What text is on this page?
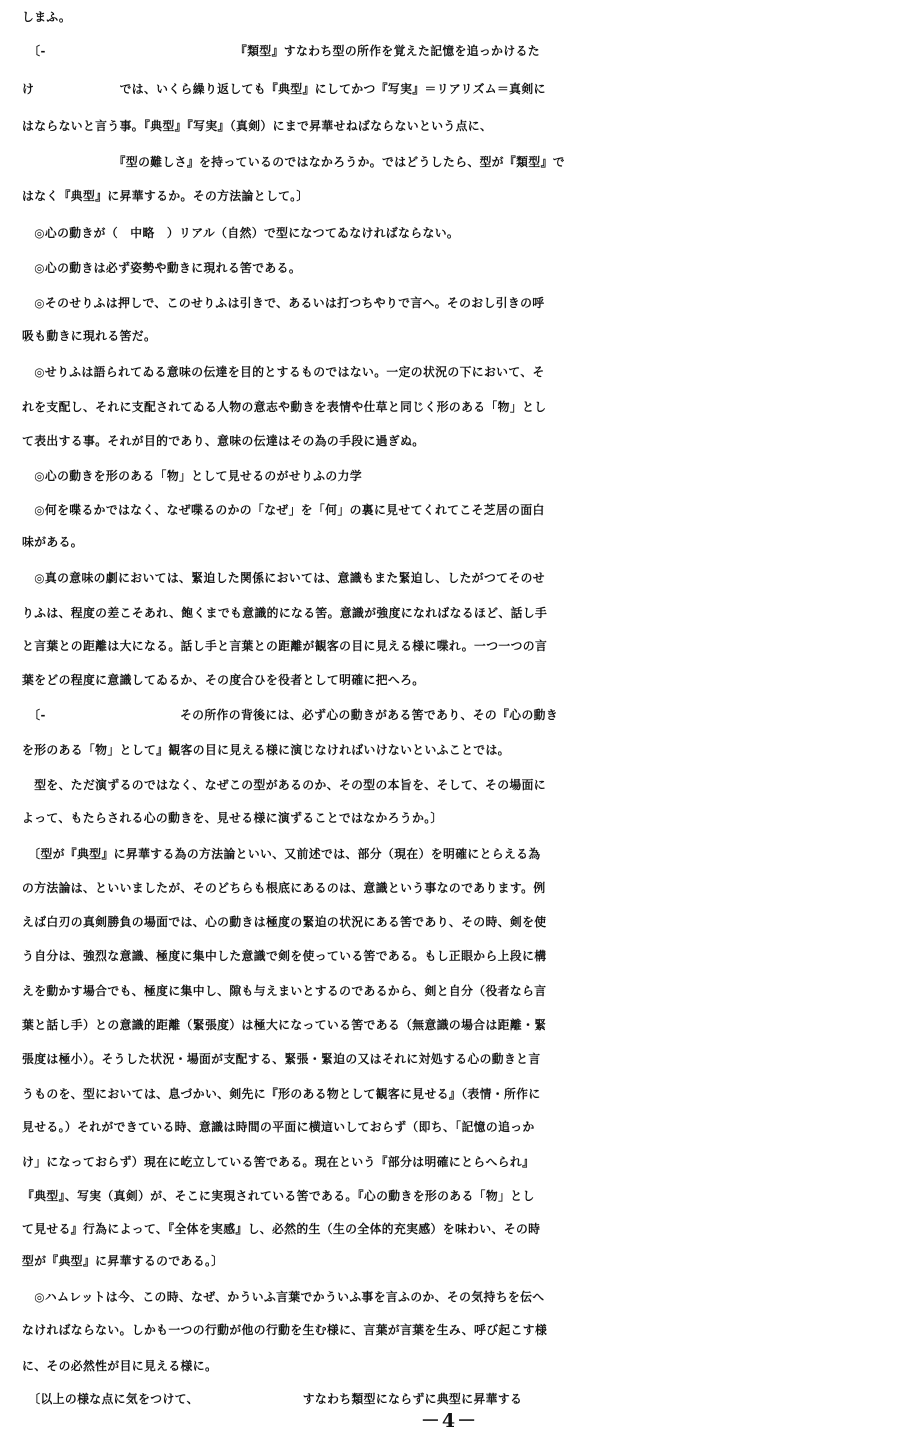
しまふ。
　〔-　　　　　　　　　　　　　　　　『類型』すなわち型の所作を覚えた記憶を追っかけるた
け　　　　　　　では、いくら繰り返しても『典型』にしてかつ『写実』＝リアリズム＝真剣に
はならないと言う事。『典型』『写実』（真剣）にまで昇華せねばならないという点に、
　　　　　　　　『型の難しさ』を持っているのではなかろうか。ではどうしたら、型が『類型』で
はなく『典型』に昇華するか。その方法論として。〕
　◎心の動きが（　中略　）リアル（自然）で型になつてゐなければならない。
　◎心の動きは必ず姿勢や動きに現れる筈である。
　◎そのせりふは押しで、このせりふは引きで、あるいは打つちやりで言へ。そのおし引きの呼
吸も動きに現れる筈だ。
　◎せりふは語られてゐる意味の伝達を目的とするものではない。一定の状況の下において、そ
れを支配し、それに支配されてゐる人物の意志や動きを表情や仕草と同じく形のある「物」とし
て表出する事。それが目的であり、意味の伝達はその為の手段に過ぎぬ。
　◎心の動きを形のある「物」として見せるのがせりふの力学
　◎何を喋るかではなく、なぜ喋るのかの「なぜ」を「何」の裏に見せてくれてこそ芝居の面白
味がある。
　◎真の意味の劇においては、緊迫した関係においては、意識もまた緊迫し、したがつてそのせ
りふは、程度の差こそあれ、飽くまでも意識的になる筈。意識が強度になればなるほど、話し手
と言葉との距離は大になる。話し手と言葉との距離が観客の目に見える様に喋れ。一つ一つの言
葉をどの程度に意識してゐるか、その度合ひを役者として明確に把へろ。
　〔-　　　　　　　　　　　その所作の背後には、必ず心の動きがある筈であり、その『心の動き
を形のある「物」として』観客の目に見える様に演じなければいけないといふことでは。
　型を、ただ演ずるのではなく、なぜこの型があるのか、その型の本旨を、そして、その場面に
よって、もたらされる心の動きを、見せる様に演ずることではなかろうか。〕
　〔型が『典型』に昇華する為の方法論といい、又前述では、部分（現在）を明確にとらえる為
の方法論は、といいましたが、そのどちらも根底にあるのは、意識という事なのであります。例
えば白刃の真剣勝負の場面では、心の動きは極度の緊迫の状況にある筈であり、その時、剣を使
う自分は、強烈な意識、極度に集中した意識で剣を使っている筈である。もし正眼から上段に構
えを動かす場合でも、極度に集中し、隙も与えまいとするのであるから、剣と自分（役者なら言
葉と話し手）との意識的距離（緊張度）は極大になっている筈である（無意識の場合は距離・緊
張度は極小）。そうした状況・場面が支配する、緊張・緊迫の又はそれに対処する心の動きと言
うものを、型においては、息づかい、剣先に『形のある物として観客に見せる』（表情・所作に
見せる。）それができている時、意識は時間の平面に横這いしておらず（即ち、「記憶の追っか
け」になっておらず）現在に屹立している筈である。現在という『部分は明確にとらへられ』
『典型』、写実（真剣）が、そこに実現されている筈である。『心の動きを形のある「物」とし
て見せる』行為によって、『全体を実感』し、必然的生（生の全体的充実感）を味わい、その時
型が『典型』に昇華するのである。〕
　◎ハムレットは今、この時、なぜ、かういふ言葉でかういふ事を言ふのか、その気持ちを伝へ
なければならない。しかも一つの行動が他の行動を生む様に、言葉が言葉を生み、呼び起こす様
に、その必然性が目に見える様に。
　〔以上の様な点に気をつけて、　　　　　　　　　すなわち類型にならずに典型に昇華する
－4－
